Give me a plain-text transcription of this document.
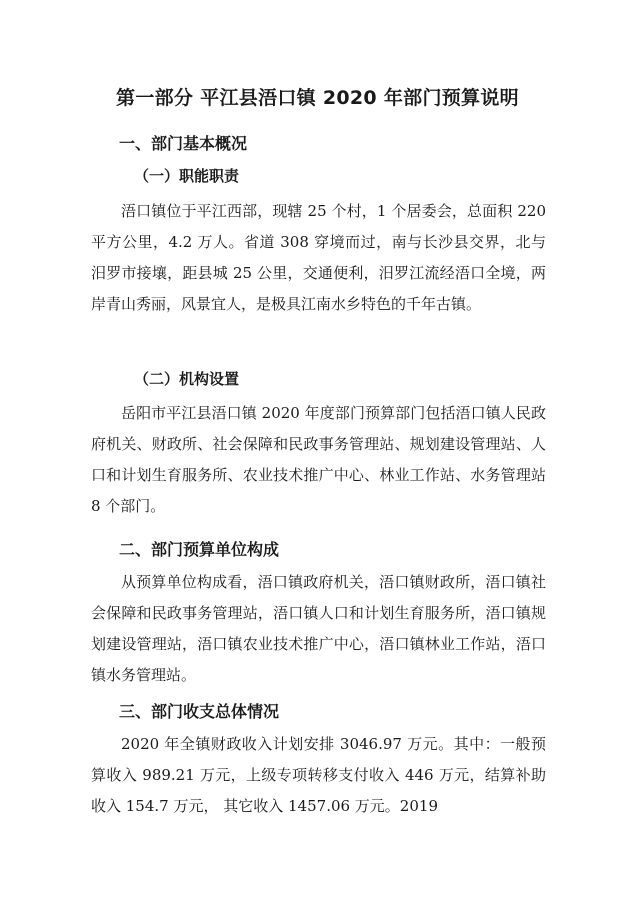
第一部分 平江县浯口镇 2020 年部门预算说明
一、部门基本概况
（一）职能职责

浯口镇位于平江西部，现辖 25 个村，1 个居委会，总面积 220 平方公里，4.2 万人。省道 308 穿境而过，南与长沙县交界，北与汨罗市接壤，距县城 25 公里，交通便利，汨罗江流经浯口全境，两岸青山秀丽，风景宜人，是极具江南水乡特色的千年古镇。

（二）机构设置

岳阳市平江县浯口镇 2020 年度部门预算部门包括浯口镇人民政府机关、财政所、社会保障和民政事务管理站、规划建设管理站、人口和计划生育服务所、农业技术推广中心、林业工作站、水务管理站 8 个部门。

二、部门预算单位构成

从预算单位构成看，浯口镇政府机关，浯口镇财政所，浯口镇社会保障和民政事务管理站，浯口镇人口和计划生育服务所，浯口镇规划建设管理站，浯口镇农业技术推广中心，浯口镇林业工作站，浯口镇水务管理站。

三、部门收支总体情况

2020 年全镇财政收入计划安排 3046.97 万元。其中：一般预算收入 989.21 万元，上级专项转移支付收入 446 万元，结算补助收入 154.7 万元， 其它收入 1457.06 万元。2019
